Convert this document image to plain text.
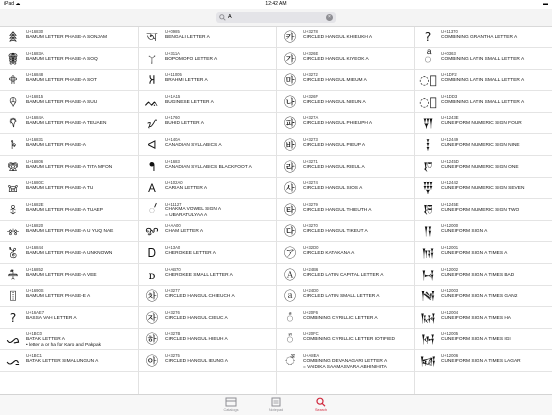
iPad ☁	12:42 AM	▬
A	×
𖠰	U+16830
BAMUM LETTER PHASE-A SONJAM
𖠺	U+1683A
BAMUM LETTER PHASE-A SOQ
𖡈	U+16848
BAMUM LETTER PHASE-A SOT
𖠕	U+16815
BAMUM LETTER PHASE-A SUU
𖡊	U+1684A
BAMUM LETTER PHASE-A TEUAEN
𖠱	U+16831
BAMUM LETTER PHASE-A
𖠆	U+16806
BAMUM LETTER PHASE-A TITA MFON
𖠌	U+1680C
BAMUM LETTER PHASE-A TU
𖠮	U+1682E
BAMUM LETTER PHASE-A TUAEP
𖠠	U+16820
BAMUM LETTER PHASE-A U YUQ NAE
𖡄	U+16844
BAMUM LETTER PHASE-A UNKNOWN
𖡒	U+16852
BAMUM LETTER PHASE-A VEE
𖤅	U+1690S
BAMUM LETTER PHASE-E A
?	U+16AE7
BASSA VAH LETTER A
ᯀ	U+1BC0
BATAK LETTER A
• letter a or ha for Karo and Pakpak
ᯁ	U+1BC1
BATAK LETTER SIMALUNGUN A
অ	U+0985
BENGALI LETTER A
ㄚ	U+311A
BOPOMOFO LETTER A
𑀅	U+11005
BRAHMI LETTER A
ᨕ	U+1A15
BUGINESE LETTER A
ᝠ	U+1760
BUHID LETTER A
ᐊ	U+140A
CANADIAN SYLLABICS A
ᖳ	U+1683
CANADIAN SYLLABICS BLACKFOOT A
𐊠	U+102A0
CARIAN LETTER A
𑄧	U+11127
CHAKMA VOWEL SIGN A
= UBARATULYAA A
ꨀ	U+AA00
CHAM LETTER A
Ꭰ	U+13A0
CHEROKEE LETTER A
ꭰ	U+AB70
CHEROKEE SMALL LETTER A
㉷	U+3277
CIRCLED HANGUL CHIEUCH A
㉶	U+3276
CIRCLED HANGUL CIEUC A
㉻	U+327B
CIRCLED HANGUL HIEUH A
㉵	U+3275
CIRCLED HANGUL IEUNG A
㉸	U+3278
CIRCLED HANGUL KHIEUKH A
㉮	U+326E
CIRCLED HANGUL KIYEOK A
㉲	U+3272
CIRCLED HANGUL MIEUM A
㉯	U+326F
CIRCLED HANGUL NIEUN A
㉺	U+327A
CIRCLED HANGUL PHIEUPH A
㉳	U+3273
CIRCLED HANGUL PIEUP A
㉱	U+3271
CIRCLED HANGUL RIEUL A
㉴	U+3274
CIRCLED HANGUL SIOS A
㉹	U+3279
CIRCLED HANGUL THIEUTH A
㉰	U+3270
CIRCLED HANGUL TIKEUT A
㋐	U+32D0
CIRCLED KATAKANA A
Ⓐ	U+24B6
CIRCLED LATIN CAPITAL LETTER A
ⓐ	U+24D0
CIRCLED LATIN SMALL LETTER A
◌ⷶ	U+20F6
COMBINING CYRILLIC LETTER A
◌ꙵ	U+20FC
COMBINING CYRILLIC LETTER IOTIFIED
◌꣪	U+A8EA
COMBINING DEVANAGARI LETTER A
= VAIDIKA SAAMASVARA ABHINIHITA
?	U+11370
COMBINING GRANTHA LETTER A
◌ͣ	U+0363
COMBINING LATIN SMALL LETTER A
◌ᷲ U+1DF2
COMBINING LATIN SMALL LETTER A
◌ᷓ U+1DD3
COMBINING LATIN SMALL LETTER A
𒐾	U+1243E
CUNEIFORM NUMERIC SIGN FOUR
𒑉	U+12449
CUNEIFORM NUMERIC SIGN NINE
𒑝	U+1245D
CUNEIFORM NUMERIC SIGN ONE
𒑂	U+12442
CUNEIFORM NUMERIC SIGN SEVEN
𒑞	U+1245E
CUNEIFORM NUMERIC SIGN TWO
𒀀	U+12000
CUNEIFORM SIGN A
𒀁	U+12001
CUNEIFORM SIGN A TIMES A
𒀂	U+12002
CUNEIFORM SIGN A TIMES BAD
𒀃	U+12003
CUNEIFORM SIGN A TIMES GAN2
𒀄	U+12004
CUNEIFORM SIGN A TIMES HA
𒀅	U+12005
CUNEIFORM SIGN A TIMES IGI
𒀆	U+12006
CUNEIFORM SIGN A TIMES LAGAR
Catalogs	Notepad	Search
